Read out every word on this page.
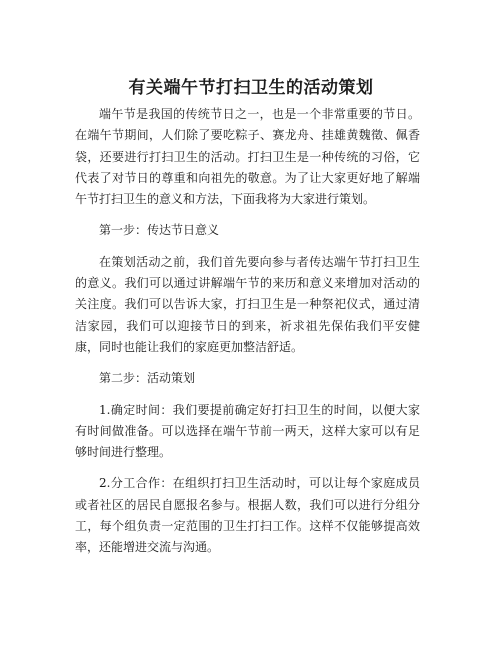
有关端午节打扫卫生的活动策划

端午节是我国的传统节日之一，也是一个非常重要的节日。在端午节期间，人们除了要吃粽子、赛龙舟、挂雄黄魏徵、佩香袋，还要进行打扫卫生的活动。打扫卫生是一种传统的习俗，它代表了对节日的尊重和向祖先的敬意。为了让大家更好地了解端午节打扫卫生的意义和方法，下面我将为大家进行策划。

第一步：传达节日意义

在策划活动之前，我们首先要向参与者传达端午节打扫卫生的意义。我们可以通过讲解端午节的来历和意义来增加对活动的关注度。我们可以告诉大家，打扫卫生是一种祭祀仪式，通过清洁家园，我们可以迎接节日的到来，祈求祖先保佑我们平安健康，同时也能让我们的家庭更加整洁舒适。

第二步：活动策划

1.确定时间：我们要提前确定好打扫卫生的时间，以便大家有时间做准备。可以选择在端午节前一两天，这样大家可以有足够时间进行整理。

2.分工合作：在组织打扫卫生活动时，可以让每个家庭成员或者社区的居民自愿报名参与。根据人数，我们可以进行分组分工，每个组负责一定范围的卫生打扫工作。这样不仅能够提高效率，还能增进交流与沟通。
